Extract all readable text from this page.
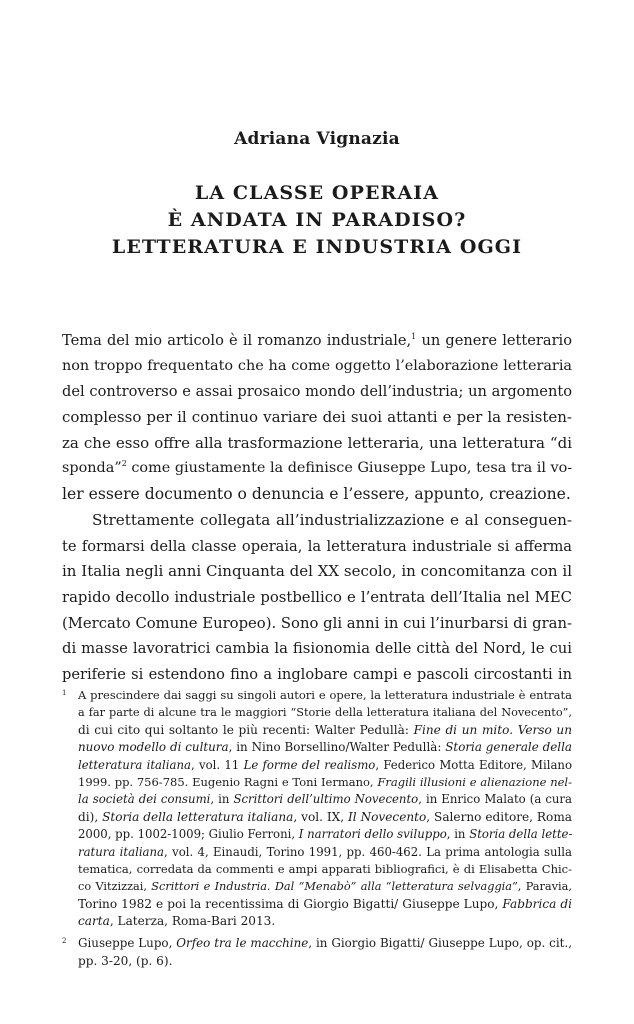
Adriana Vignazia
LA CLASSE OPERAIA
È ANDATA IN PARADISO?
LETTERATURA E INDUSTRIA OGGI
Tema del mio articolo è il romanzo industriale,$^1$ un genere letterario
non troppo frequentato che ha come oggetto l’elaborazione letteraria
del controverso e assai prosaico mondo dell’industria; un argomento
complesso per il continuo variare dei suoi attanti e per la resisten-
za che esso offre alla trasformazione letteraria, una letteratura “di
sponda”$^2$ come giustamente la definisce Giuseppe Lupo, tesa tra il vo-
ler essere documento o denuncia e l’essere, appunto, creazione.
Strettamente collegata all’industrializzazione e al conseguen-
te formarsi della classe operaia, la letteratura industriale si afferma
in Italia negli anni Cinquanta del XX secolo, in concomitanza con il
rapido decollo industriale postbellico e l’entrata dell’Italia nel MEC
(Mercato Comune Europeo). Sono gli anni in cui l’inurbarsi di gran-
di masse lavoratrici cambia la fisionomia delle città del Nord, le cui
periferie si estendono fino a inglobare campi e pascoli circostanti in
1 A prescindere dai saggi su singoli autori e opere, la letteratura industriale è entrata
a far parte di alcune tra le maggiori “Storie della letteratura italiana del Novecento”,
di cui cito qui soltanto le più recenti: Walter Pedullà: Fine di un mito. Verso un
nuovo modello di cultura, in Nino Borsellino/Walter Pedullà: Storia generale della
letteratura italiana, vol. 11 Le forme del realismo, Federico Motta Editore, Milano
1999. pp. 756-785. Eugenio Ragni e Toni Iermano, Fragili illusioni e alienazione nel-
la società dei consumi, in Scrittori dell’ultimo Novecento, in Enrico Malato (a cura
di), Storia della letteratura italiana, vol. IX, Il Novecento, Salerno editore, Roma
2000, pp. 1002-1009; Giulio Ferroni, I narratori dello sviluppo, in Storia della lette-
ratura italiana, vol. 4, Einaudi, Torino 1991, pp. 460-462. La prima antologia sulla
tematica, corredata da commenti e ampi apparati bibliografici, è di Elisabetta Chic-
co Vitzizzai, Scrittori e Industria. Dal “Menabò” alla “letteratura selvaggia”, Paravia,
Torino 1982 e poi la recentissima di Giorgio Bigatti/ Giuseppe Lupo, Fabbrica di
carta, Laterza, Roma-Bari 2013.
2 Giuseppe Lupo, Orfeo tra le macchine, in Giorgio Bigatti/ Giuseppe Lupo, op. cit.,
pp. 3-20, (p. 6).
